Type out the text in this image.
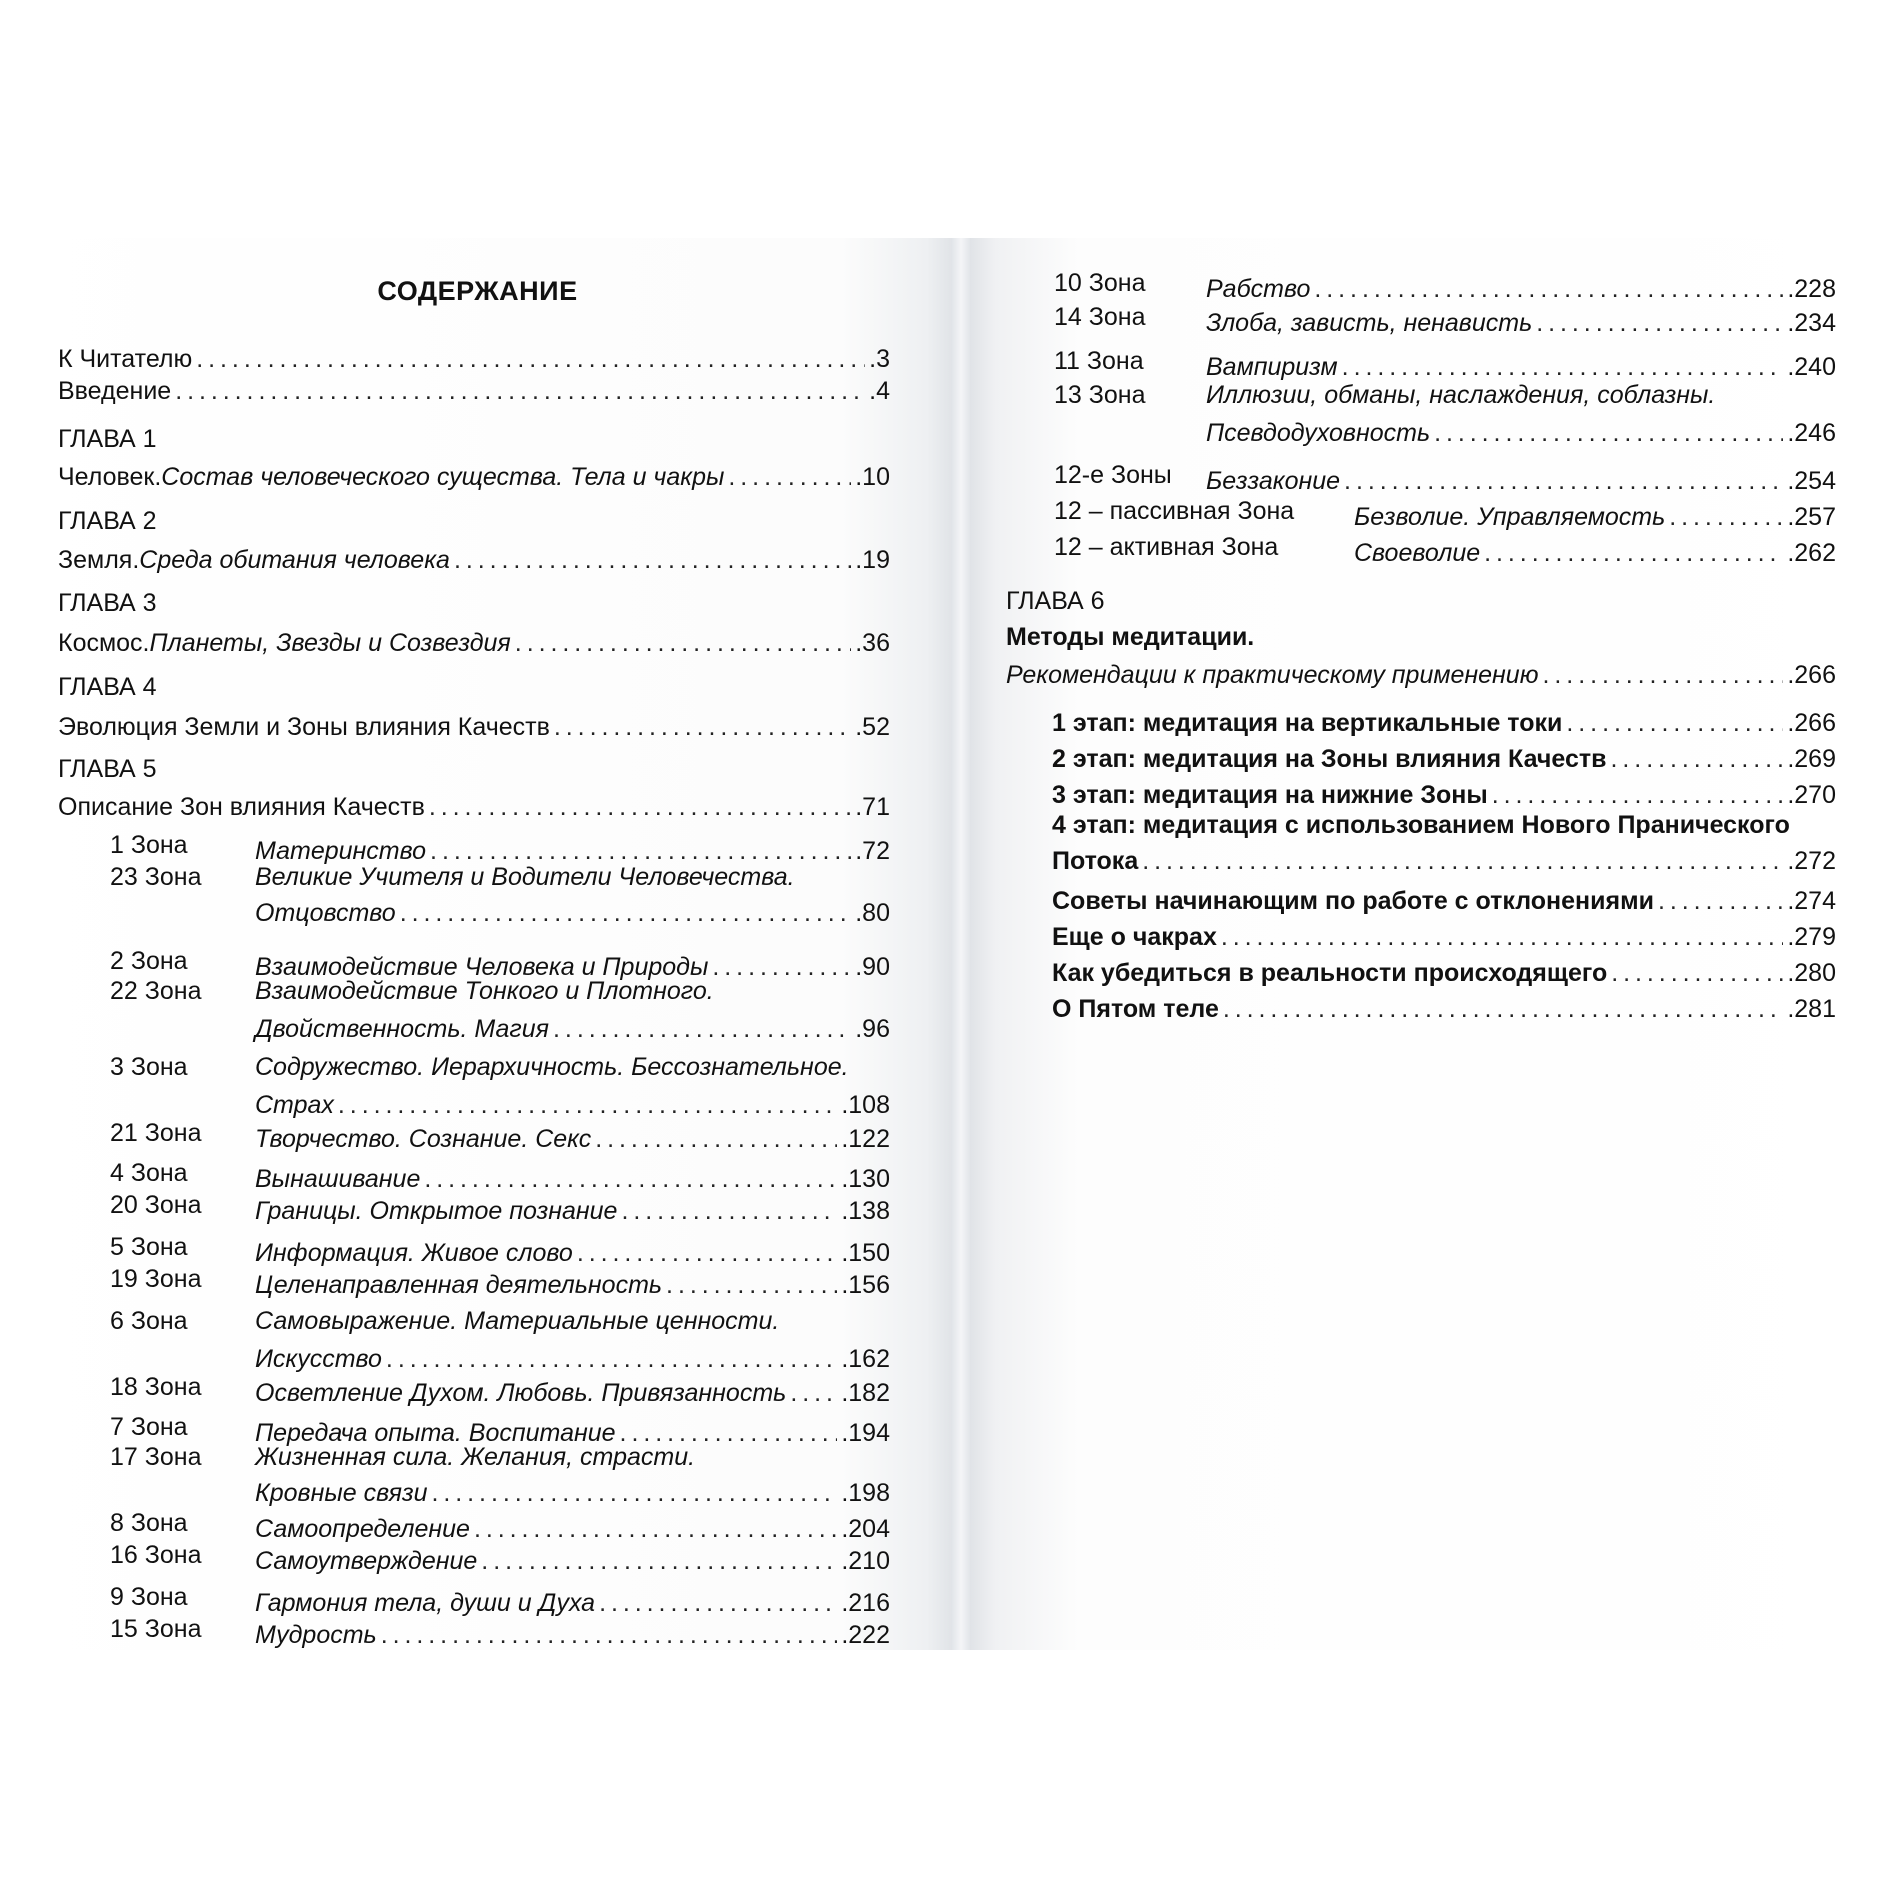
СОДЕРЖАНИЕ
К Читателю . . .	.3
Введение . . .	.4
ГЛАВА 1
Человек. Состав человеческого существа. Тела и чакры . . .	.10
ГЛАВА 2
Земля. Среда обитания человека . . .	.19
ГЛАВА 3
Космос. Планеты, Звезды и Созвездия . . .	.36
ГЛАВА 4
Эволюция Земли и Зоны влияния Качеств . . .	.52
ГЛАВА 5
Описание Зон влияния Качеств . . .	.71
1 Зона	Материнство . . .	.72
23 Зона Великие Учителя и Водители Человечества.
Отцовство . . .	.80
2 Зона	Взаимодействие Человека и Природы . . .	.90
22 Зона Взаимодействие Тонкого и Плотного.
Двойственность. Магия . . .	.96
3 Зона	Содружество. Иерархичность. Бессознательное.
Страх . . .	.108
21 Зона Творчество. Сознание. Секс . . .	.122
4 Зона	Вынашивание . . .	.130
20 Зона Границы. Открытое познание . . .	.138
5 Зона	Информация. Живое слово . . .	.150
19 Зона Целенаправленная деятельность . . .	.156
6 Зона	Самовыражение. Материальные ценности.
Искусство . . .	.162
18 Зона Осветление Духом. Любовь. Привязанность . . . .182
7 Зона	Передача опыта. Воспитание . . .	.194
17 Зона Жизненная сила. Желания, страсти.
Кровные связи . . .	.198
8 Зона	Самоопределение . . .	.204
16 Зона Самоутверждение . . .	.210
9 Зона	Гармония тела, души и Духа . . .	.216
15 Зона Мудрость . . .	.222
10 Зона Рабство . . .	.228
14 Зона Злоба, зависть, ненависть . . .	.234
11 Зона Вампиризм . . .	.240
13 Зона Иллюзии, обманы, наслаждения, соблазны.
Псевдодуховность . . .	.246
12-е Зоны Беззаконие . . .	.254
12 – пассивная Зона Безволие. Управляемость . . .	.257
12 – активная Зона	Своеволие . . .	.262
ГЛАВА 6
Методы медитации.
Рекомендации к практическому применению . . .	.266
1 этап: медитация на вертикальные токи . . .	.266
2 этап: медитация на Зоны влияния Качеств . . .	.269
3 этап: медитация на нижние Зоны . . .	.270
4 этап: медитация с использованием Нового Пранического
Потока . . .	.272
Советы начинающим по работе с отклонениями . . .	.274
Еще о чакрах . . .	.279
Как убедиться в реальности происходящего . . .	.280
О Пятом теле . . .	.281
